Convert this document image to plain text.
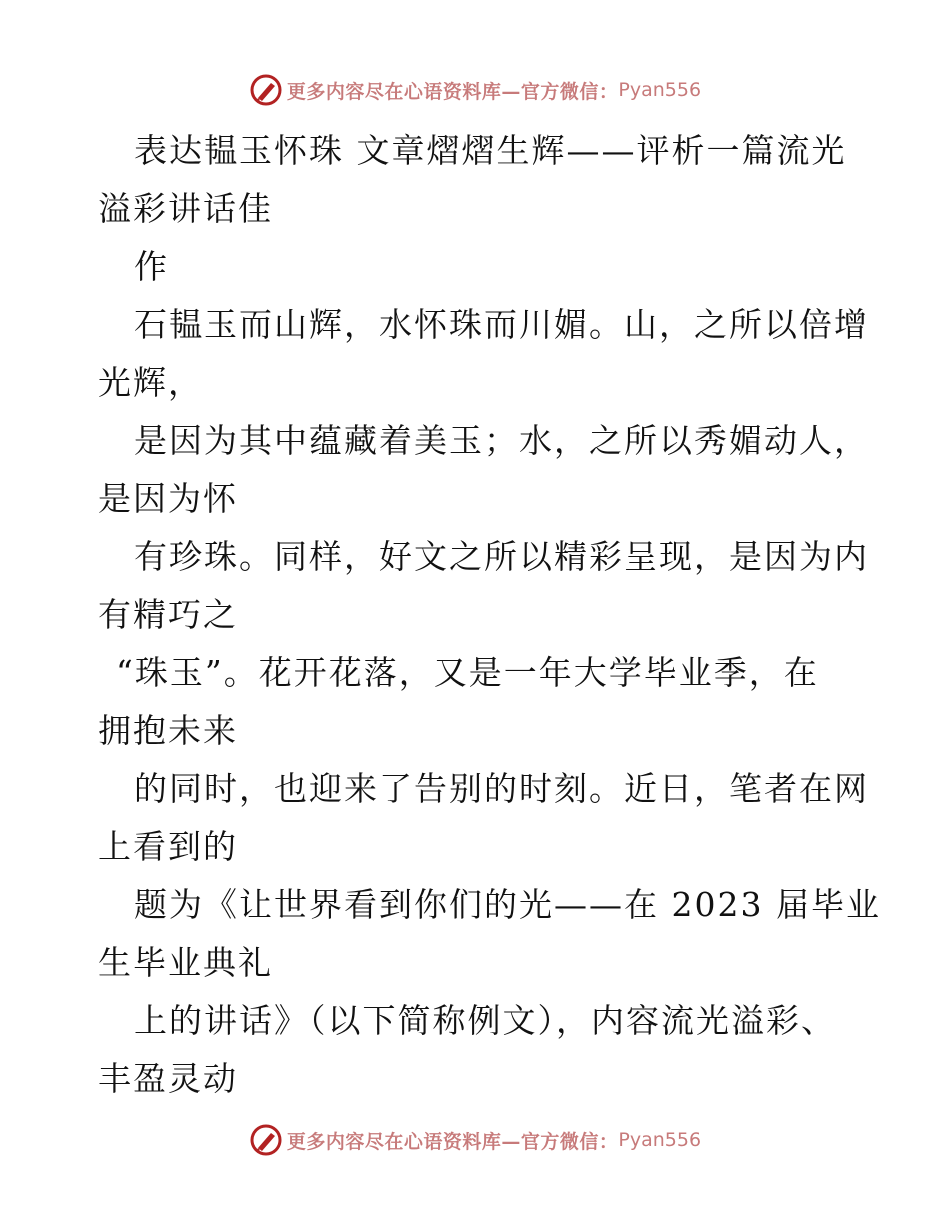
更多内容尽在心语资料库—官方微信： Pyan556
表达韫玉怀珠 文章熠熠生辉——评析一篇流光
溢彩讲话佳
作
石韫玉而山辉，水怀珠而川媚。山，之所以倍增
光辉，
是因为其中蕴藏着美玉；水，之所以秀媚动人，
是因为怀
有珍珠。同样，好文之所以精彩呈现，是因为内
有精巧之
“珠玉”。花开花落，又是一年大学毕业季，在
拥抱未来
的同时，也迎来了告别的时刻。近日，笔者在网
上看到的
题为《让世界看到你们的光——在 2023 届毕业
生毕业典礼
上的讲话》（以下简称例文），内容流光溢彩、
丰盈灵动
更多内容尽在心语资料库—官方微信： Pyan556
